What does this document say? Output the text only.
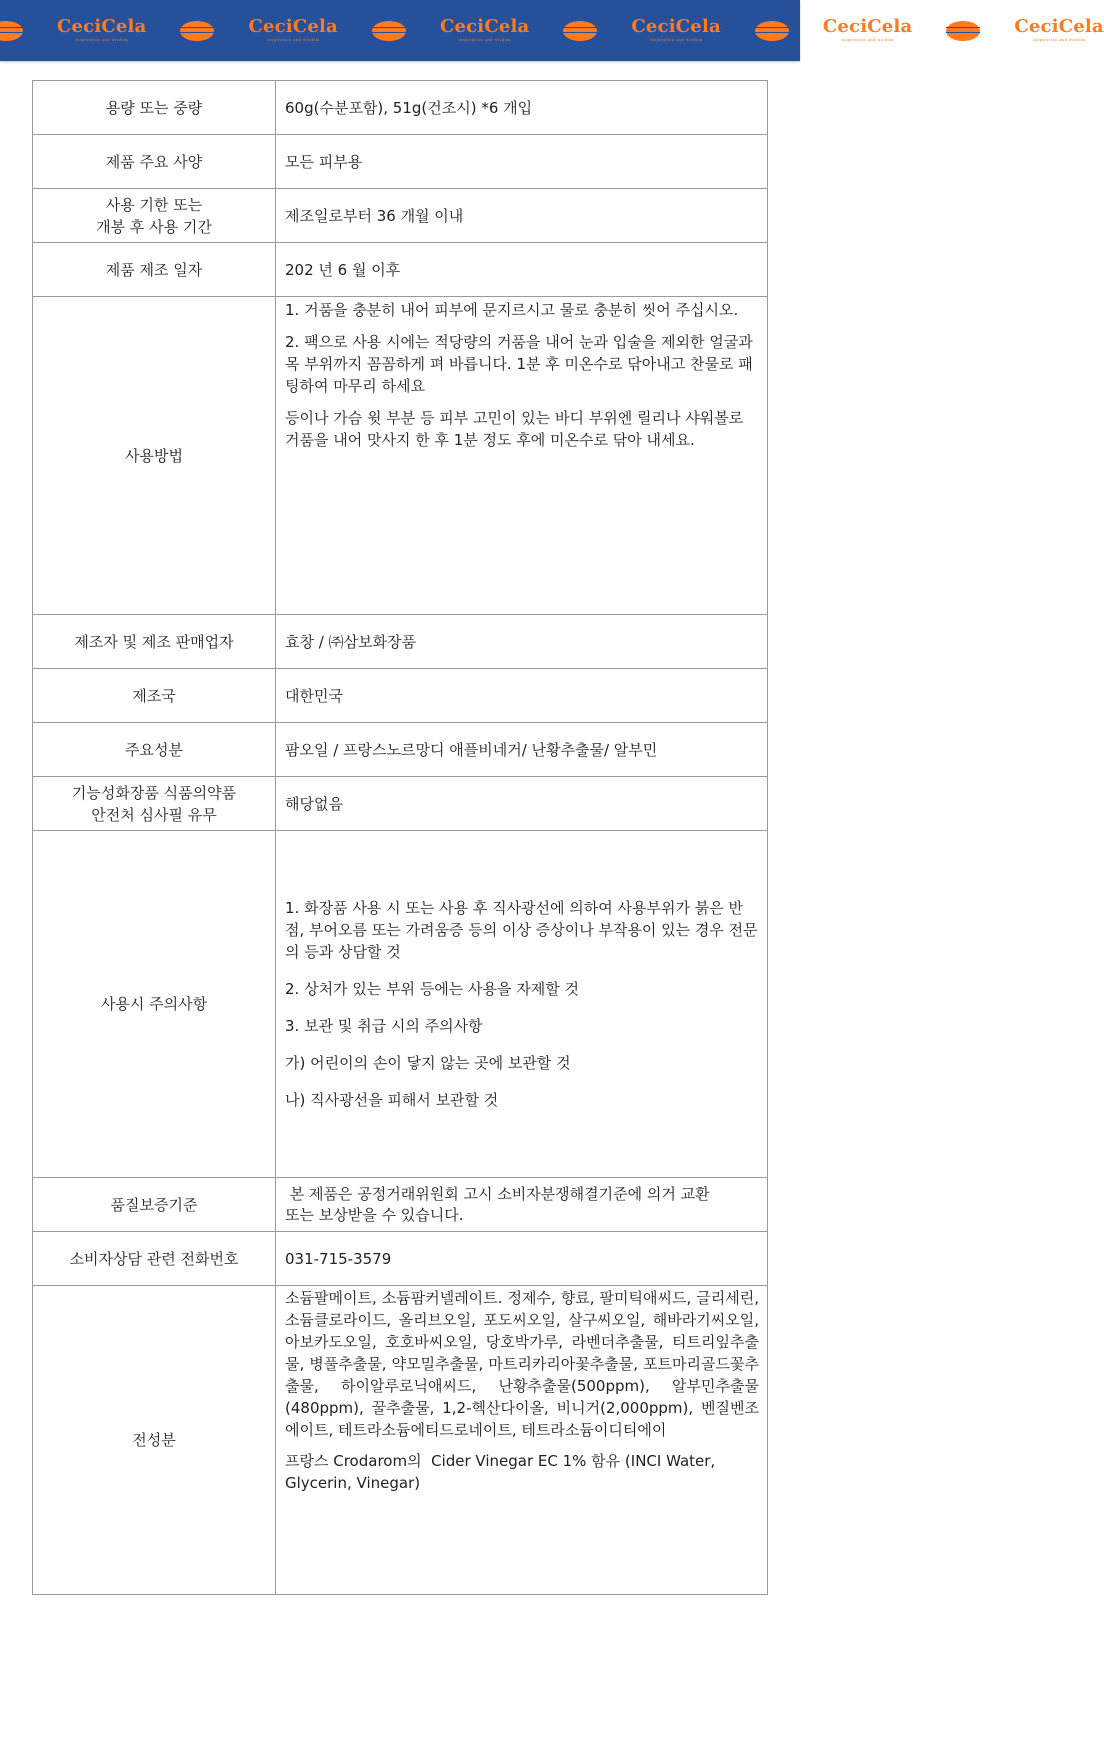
CeciCela
Inspiration and wisdom
CeciCela
Inspiration and wisdom
CeciCela
Inspiration and wisdom
CeciCela
Inspiration and wisdom
CeciCela
Inspiration and wisdom
CeciCela
Inspiration and wisdom
용량 또는 중량	60g(수분포함), 51g(건조시) *6 개입
제품 주요 사양	모든 피부용

사용 기한 또는
개봉 후 사용 기간	제조일로부터 36 개월 이내
제품 제조 일자	202 년 6 월 이후
사용방법	1. 거품을 충분히 내어 피부에 문지르시고 물로 충분히 씻어 주십시오.

2. 팩으로 사용 시에는 적당량의 거품을 내어 눈과 입술을 제외한 얼굴과 목 부위까지 꼼꼼하게 펴 바릅니다. 1분 후 미온수로 닦아내고 찬물로 패팅하여 마무리 하세요

등이나 가슴 윗 부분 등 피부 고민이 있는 바디 부위엔 릴리나 샤워볼로 거품을 내어 맛사지 한 후 1분 정도 후에 미온수로 닦아 내세요.

제조자 및 제조 판매업자	효창 / ㈜삼보화장품
제조국	대한민국
주요성분	팜오일 / 프랑스노르망디 애플비네거/ 난황추출물/ 알부민

기능성화장품 식품의약품
안전처 심사필 유무	해당없음
사용시 주의사항	1. 화장품 사용 시 또는 사용 후 직사광선에 의하여 사용부위가 붉은 반점, 부어오름 또는 가려움증 등의 이상 증상이나 부작용이 있는 경우 전문의 등과 상담할 것

2. 상처가 있는 부위 등에는 사용을 자제할 것

3. 보관 및 취급 시의 주의사항

가) 어린이의 손이 닿지 않는 곳에 보관할 것

나) 직사광선을 피해서 보관할 것

품질보증기준	본 제품은 공정거래위원회 고시 소비자분쟁해결기준에 의거 교환
또는 보상받을 수 있습니다.

소비자상담 관련 전화번호	031-715-3579
전성분	소듐팔메이트, 소듐팜커넬레이트. 정제수, 향료, 팔미틱애씨드, 글리세린, 소듐클로라이드, 올리브오일, 포도씨오일, 살구씨오일, 해바라기씨오일, 아보카도오일, 호호바씨오일, 당호박가루, 라벤더추출물, 티트리잎추출물, 병풀추출물, 약모밀추출물, 마트리카리아꽃추출물, 포트마리골드꽃추출물, 하이알루로닉애씨드, 난황추출물(500ppm), 알부민추출물(480ppm), 꿀추출물, 1,2-헥산다이올, 비니거(2,000ppm), 벤질벤조에이트, 테트라소듐에티드로네이트, 테트라소듐이디티에이

프랑스 Crodarom의  Cider Vinegar EC 1% 함유 (INCI Water, Glycerin, Vinegar)
